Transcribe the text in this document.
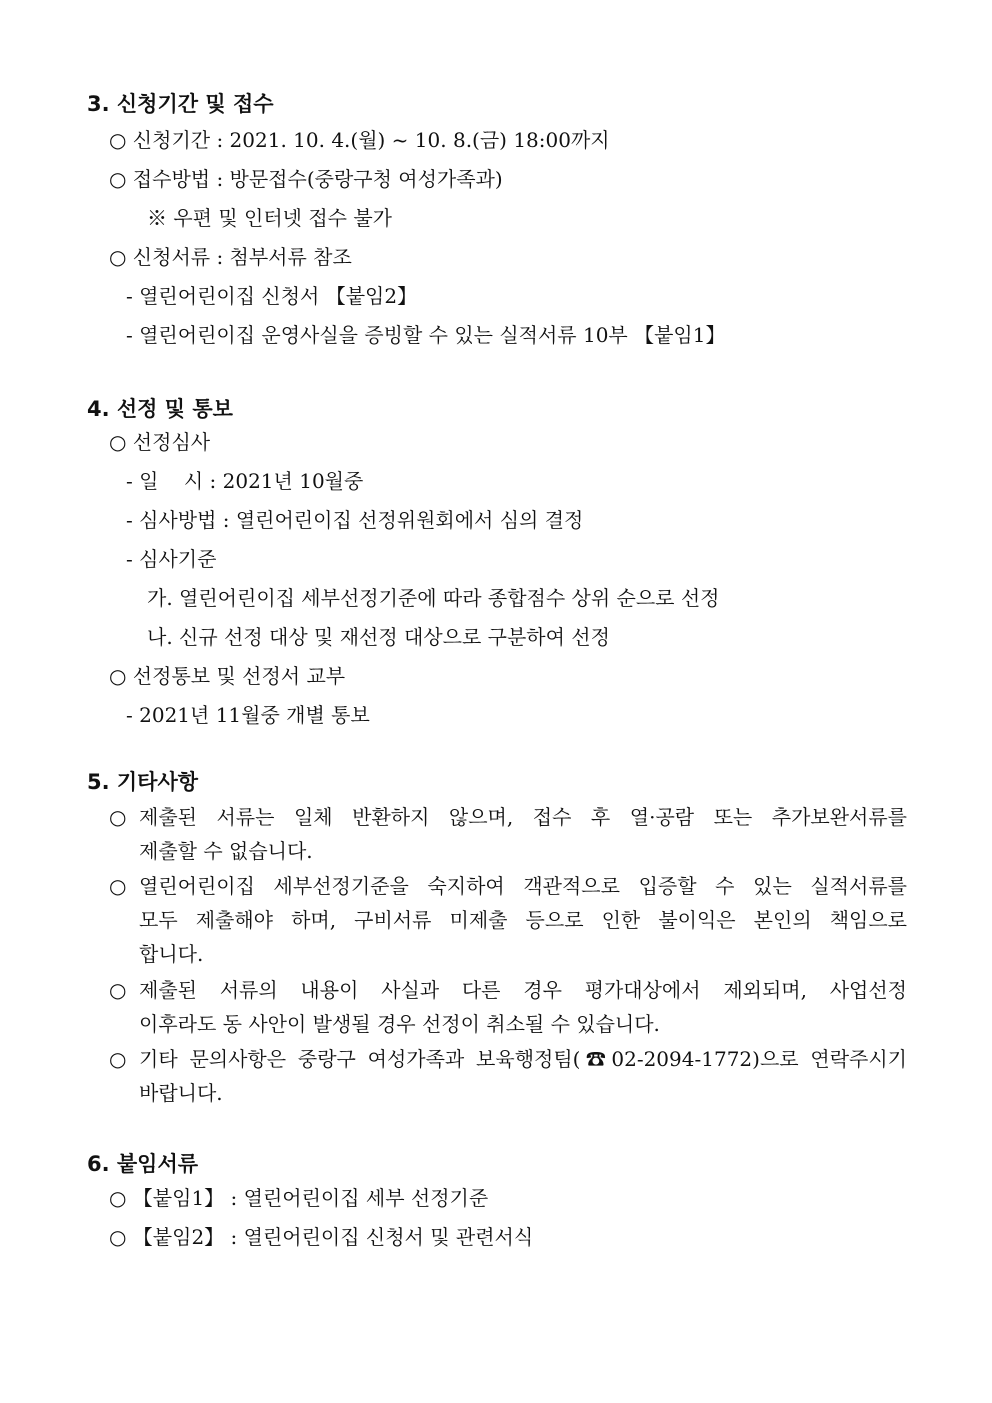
3. 신청기간 및 접수
○ 신청기간 : 2021. 10. 4.(월) ~ 10. 8.(금) 18:00까지
○ 접수방법 : 방문접수(중랑구청 여성가족과)
※ 우편 및 인터넷 접수 불가
○ 신청서류 : 첨부서류 참조
- 열린어린이집 신청서 【붙임2】
- 열린어린이집 운영사실을 증빙할 수 있는 실적서류 10부 【붙임1】
4. 선정 및 통보
○ 선정심사
- 일    시 : 2021년 10월중
- 심사방법 : 열린어린이집 선정위원회에서 심의 결정
- 심사기준
가. 열린어린이집 세부선정기준에 따라 종합점수 상위 순으로 선정
나. 신규 선정 대상 및 재선정 대상으로 구분하여 선정
○ 선정통보 및 선정서 교부
- 2021년 11월중 개별 통보
5. 기타사항
○ 제출된 서류는 일체 반환하지 않으며, 접수 후 열·공람 또는 추가보완서류를
제출할 수 없습니다.
○ 열린어린이집 세부선정기준을 숙지하여 객관적으로 입증할 수 있는 실적서류를
모두 제출해야 하며, 구비서류 미제출 등으로 인한 불이익은 본인의 책임으로
합니다.
○ 제출된 서류의 내용이 사실과 다른 경우 평가대상에서 제외되며, 사업선정
이후라도 동 사안이 발생될 경우 선정이 취소될 수 있습니다.
○ 기타 문의사항은 중랑구 여성가족과 보육행정팀(☎02-2094-1772)으로 연락주시기
바랍니다.
6. 붙임서류
○ 【붙임1】 : 열린어린이집 세부 선정기준
○ 【붙임2】 : 열린어린이집 신청서 및 관련서식
